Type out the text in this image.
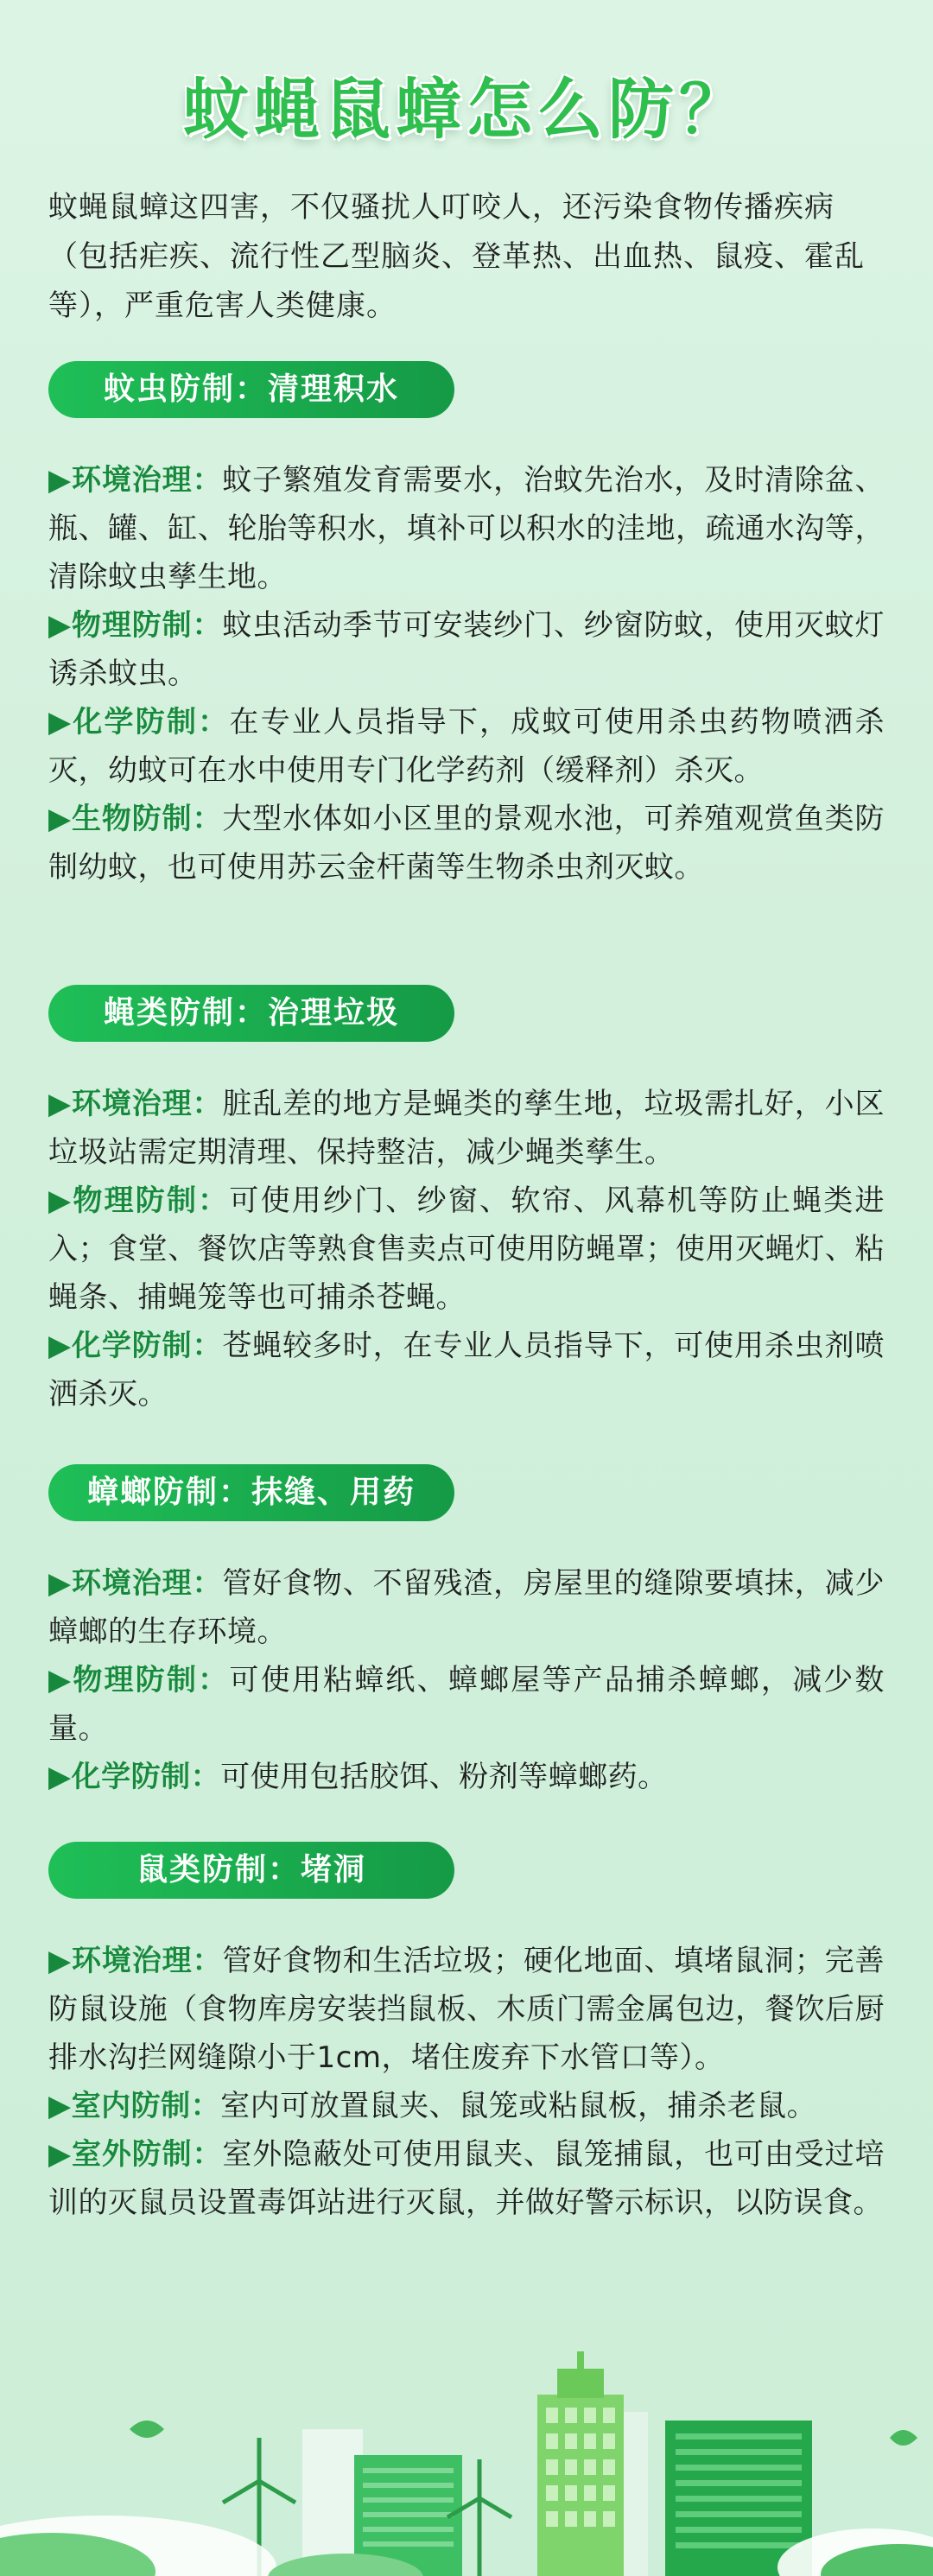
蚊蝇鼠蟑怎么防？
蚊蝇鼠蟑这四害，不仅骚扰人叮咬人，还污染食物传播疾病（包括疟疾、流行性乙型脑炎、登革热、出血热、鼠疫、霍乱等），严重危害人类健康。
蚊虫防制：清理积水

▶环境治理：蚊子繁殖发育需要水，治蚊先治水，及时清除盆、瓶、罐、缸、轮胎等积水，填补可以积水的洼地，疏通水沟等，清除蚊虫孳生地。

▶物理防制：蚊虫活动季节可安装纱门、纱窗防蚊，使用灭蚊灯诱杀蚊虫。

▶化学防制：在专业人员指导下，成蚊可使用杀虫药物喷洒杀灭，幼蚊可在水中使用专门化学药剂（缓释剂）杀灭。

▶生物防制：大型水体如小区里的景观水池，可养殖观赏鱼类防制幼蚊，也可使用苏云金杆菌等生物杀虫剂灭蚊。

蝇类防制：治理垃圾

▶环境治理：脏乱差的地方是蝇类的孳生地，垃圾需扎好，小区垃圾站需定期清理、保持整洁，减少蝇类孳生。

▶物理防制：可使用纱门、纱窗、软帘、风幕机等防止蝇类进入；食堂、餐饮店等熟食售卖点可使用防蝇罩；使用灭蝇灯、粘蝇条、捕蝇笼等也可捕杀苍蝇。

▶化学防制：苍蝇较多时，在专业人员指导下，可使用杀虫剂喷洒杀灭。

蟑螂防制：抹缝、用药

▶环境治理：管好食物、不留残渣，房屋里的缝隙要填抹，减少蟑螂的生存环境。

▶物理防制：可使用粘蟑纸、蟑螂屋等产品捕杀蟑螂，减少数量。

▶化学防制：可使用包括胶饵、粉剂等蟑螂药。

鼠类防制：堵洞

▶环境治理：管好食物和生活垃圾；硬化地面、填堵鼠洞；完善防鼠设施（食物库房安装挡鼠板、木质门需金属包边，餐饮后厨排水沟拦网缝隙小于1cm，堵住废弃下水管口等）。

▶室内防制：室内可放置鼠夹、鼠笼或粘鼠板，捕杀老鼠。

▶室外防制：室外隐蔽处可使用鼠夹、鼠笼捕鼠，也可由受过培训的灭鼠员设置毒饵站进行灭鼠，并做好警示标识，以防误食。
